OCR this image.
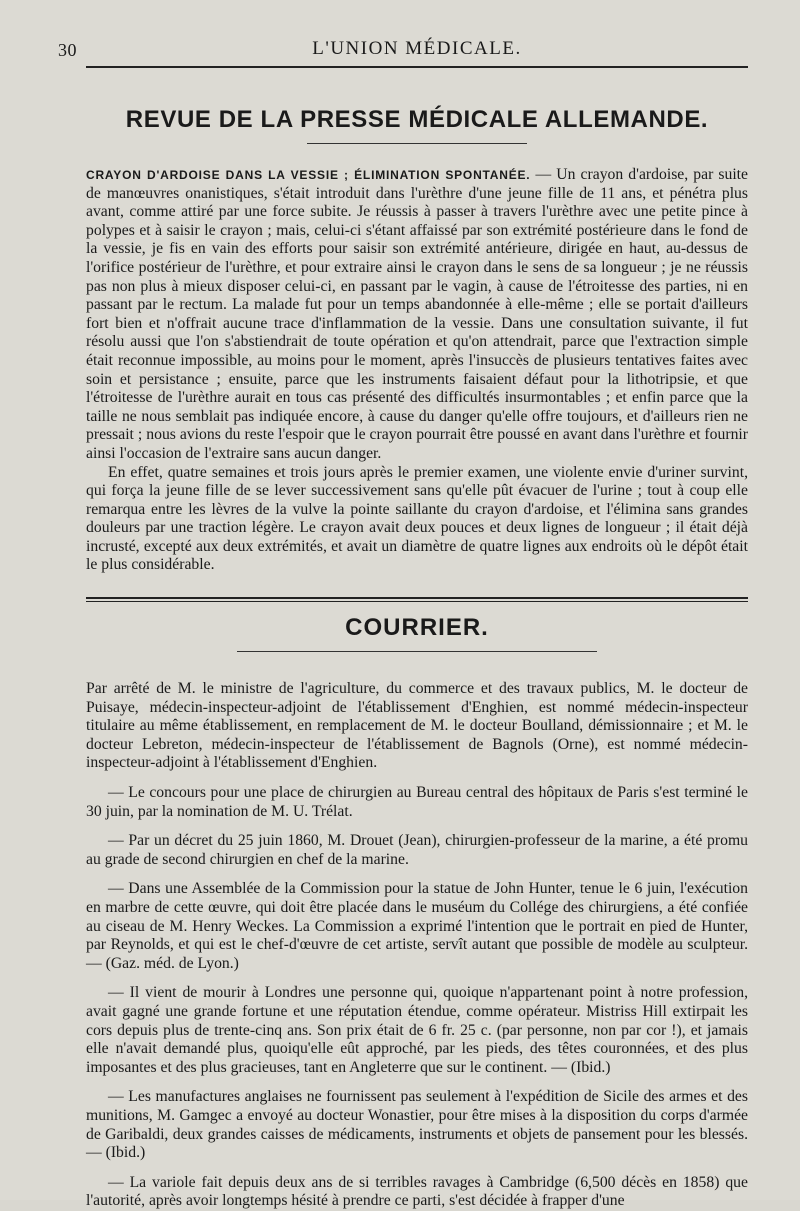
30	L'UNION MÉDICALE.
REVUE DE LA PRESSE MÉDICALE ALLEMANDE.

CRAYON D'ARDOISE DANS LA VESSIE ; ÉLIMINATION SPONTANÉE. — Un crayon d'ardoise, par suite de manœuvres onanistiques, s'était introduit dans l'urèthre d'une jeune fille de 11 ans, et pénétra plus avant, comme attiré par une force subite. Je réussis à passer à travers l'urèthre avec une petite pince à polypes et à saisir le crayon ; mais, celui-ci s'étant affaissé par son extrémité postérieure dans le fond de la vessie, je fis en vain des efforts pour saisir son extrémité antérieure, dirigée en haut, au-dessus de l'orifice postérieur de l'urèthre, et pour extraire ainsi le crayon dans le sens de sa longueur ; je ne réussis pas non plus à mieux disposer celui-ci, en passant par le vagin, à cause de l'étroitesse des parties, ni en passant par le rectum. La malade fut pour un temps abandonnée à elle-même ; elle se portait d'ailleurs fort bien et n'offrait aucune trace d'inflammation de la vessie. Dans une consultation suivante, il fut résolu aussi que l'on s'abstiendrait de toute opération et qu'on attendrait, parce que l'extraction simple était reconnue impossible, au moins pour le moment, après l'insuccès de plusieurs tentatives faites avec soin et persistance ; ensuite, parce que les instruments faisaient défaut pour la lithotripsie, et que l'étroitesse de l'urèthre aurait en tous cas présenté des difficultés insurmontables ; et enfin parce que la taille ne nous semblait pas indiquée encore, à cause du danger qu'elle offre toujours, et d'ailleurs rien ne pressait ; nous avions du reste l'espoir que le crayon pourrait être poussé en avant dans l'urèthre et fournir ainsi l'occasion de l'extraire sans aucun danger.

En effet, quatre semaines et trois jours après le premier examen, une violente envie d'uriner survint, qui força la jeune fille de se lever successivement sans qu'elle pût évacuer de l'urine ; tout à coup elle remarqua entre les lèvres de la vulve la pointe saillante du crayon d'ardoise, et l'élimina sans grandes douleurs par une traction légère. Le crayon avait deux pouces et deux lignes de longueur ; il était déjà incrusté, excepté aux deux extrémités, et avait un diamètre de quatre lignes aux endroits où le dépôt était le plus considérable.

COURRIER.

Par arrêté de M. le ministre de l'agriculture, du commerce et des travaux publics, M. le docteur de Puisaye, médecin-inspecteur-adjoint de l'établissement d'Enghien, est nommé médecin-inspecteur titulaire au même établissement, en remplacement de M. le docteur Boulland, démissionnaire ; et M. le docteur Lebreton, médecin-inspecteur de l'établissement de Bagnols (Orne), est nommé médecin-inspecteur-adjoint à l'établissement d'Enghien.

— Le concours pour une place de chirurgien au Bureau central des hôpitaux de Paris s'est terminé le 30 juin, par la nomination de M. U. Trélat.

— Par un décret du 25 juin 1860, M. Drouet (Jean), chirurgien-professeur de la marine, a été promu au grade de second chirurgien en chef de la marine.

— Dans une Assemblée de la Commission pour la statue de John Hunter, tenue le 6 juin, l'exécution en marbre de cette œuvre, qui doit être placée dans le muséum du Collége des chirurgiens, a été confiée au ciseau de M. Henry Weckes. La Commission a exprimé l'intention que le portrait en pied de Hunter, par Reynolds, et qui est le chef-d'œuvre de cet artiste, servît autant que possible de modèle au sculpteur. — (Gaz. méd. de Lyon.)

— Il vient de mourir à Londres une personne qui, quoique n'appartenant point à notre profession, avait gagné une grande fortune et une réputation étendue, comme opérateur. Mistriss Hill extirpait les cors depuis plus de trente-cinq ans. Son prix était de 6 fr. 25 c. (par personne, non par cor !), et jamais elle n'avait demandé plus, quoiqu'elle eût approché, par les pieds, des têtes couronnées, et des plus imposantes et des plus gracieuses, tant en Angleterre que sur le continent. — (Ibid.)

— Les manufactures anglaises ne fournissent pas seulement à l'expédition de Sicile des armes et des munitions, M. Gamgec a envoyé au docteur Wonastier, pour être mises à la disposition du corps d'armée de Garibaldi, deux grandes caisses de médicaments, instruments et objets de pansement pour les blessés. — (Ibid.)

— La variole fait depuis deux ans de si terribles ravages à Cambridge (6,500 décès en 1858) que l'autorité, après avoir longtemps hésité à prendre ce parti, s'est décidée à frapper d'une
